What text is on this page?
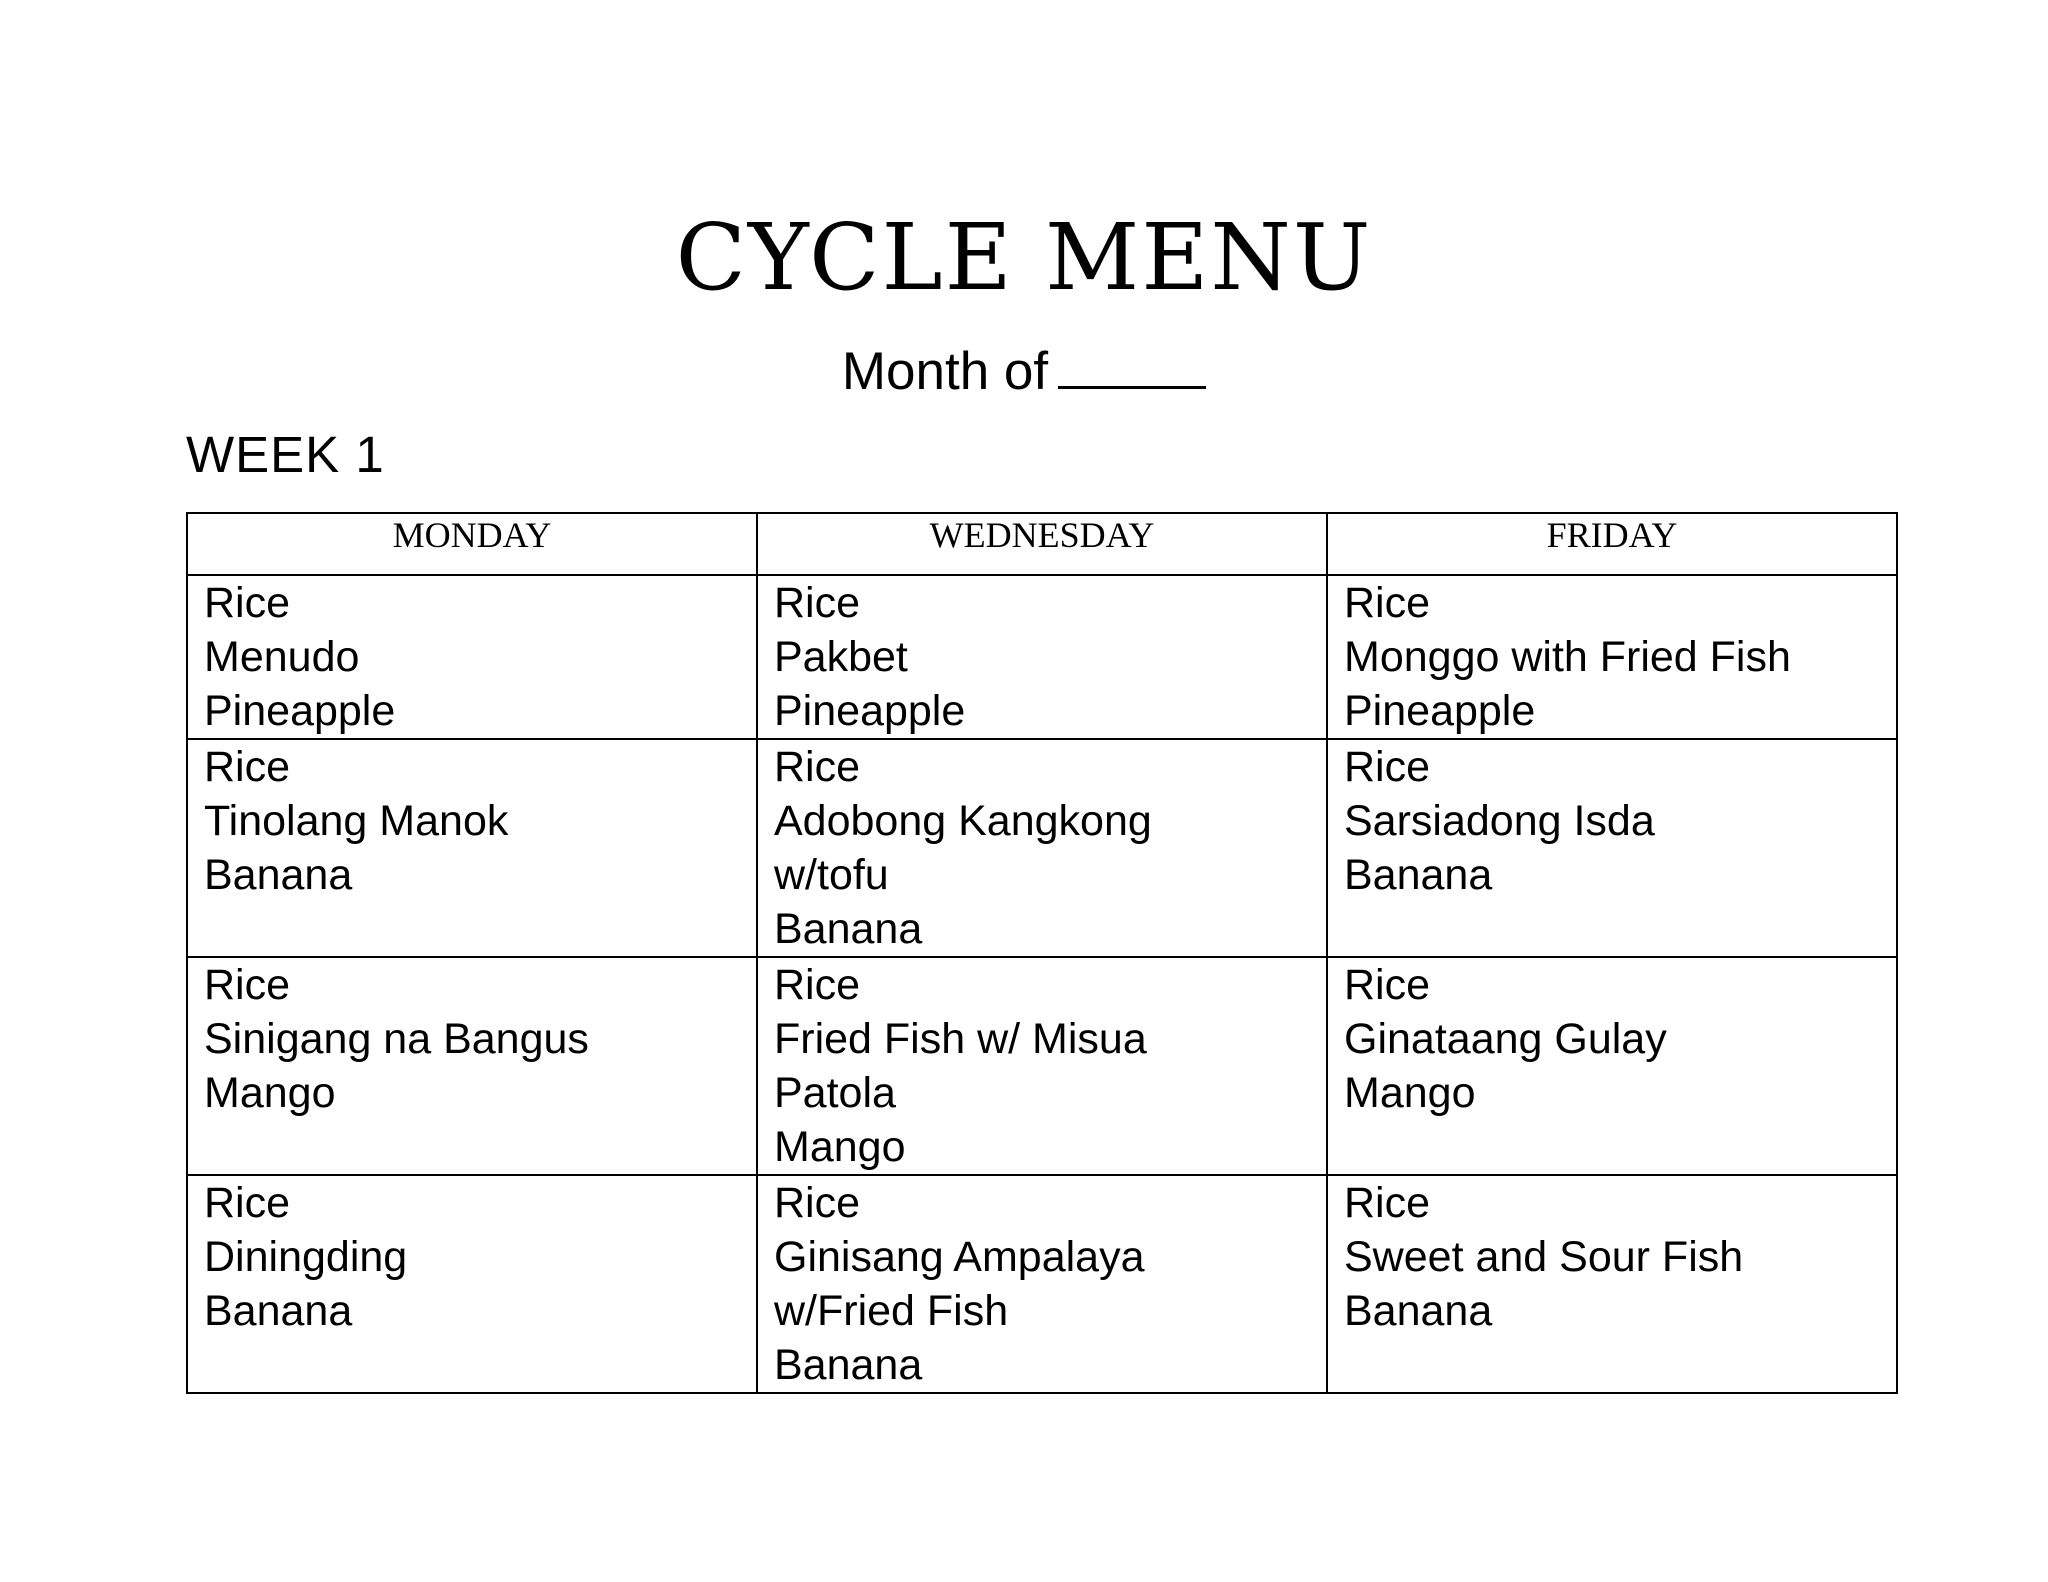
CYCLE MENU

Month of

WEEK 1

MONDAY	WEDNESDAY	FRIDAY

Rice
Menudo
Pineapple	Rice
Pakbet
Pineapple	Rice
Monggo with Fried Fish
Pineapple

Rice
Tinolang Manok
Banana	Rice
Adobong Kangkong
w/tofu
Banana	Rice
Sarsiadong Isda
Banana

Rice
Sinigang na Bangus
Mango	Rice
Fried Fish w/ Misua
Patola
Mango	Rice
Ginataang Gulay
Mango

Rice
Diningding
Banana	Rice
Ginisang Ampalaya
w/Fried Fish
Banana	Rice
Sweet and Sour Fish
Banana
